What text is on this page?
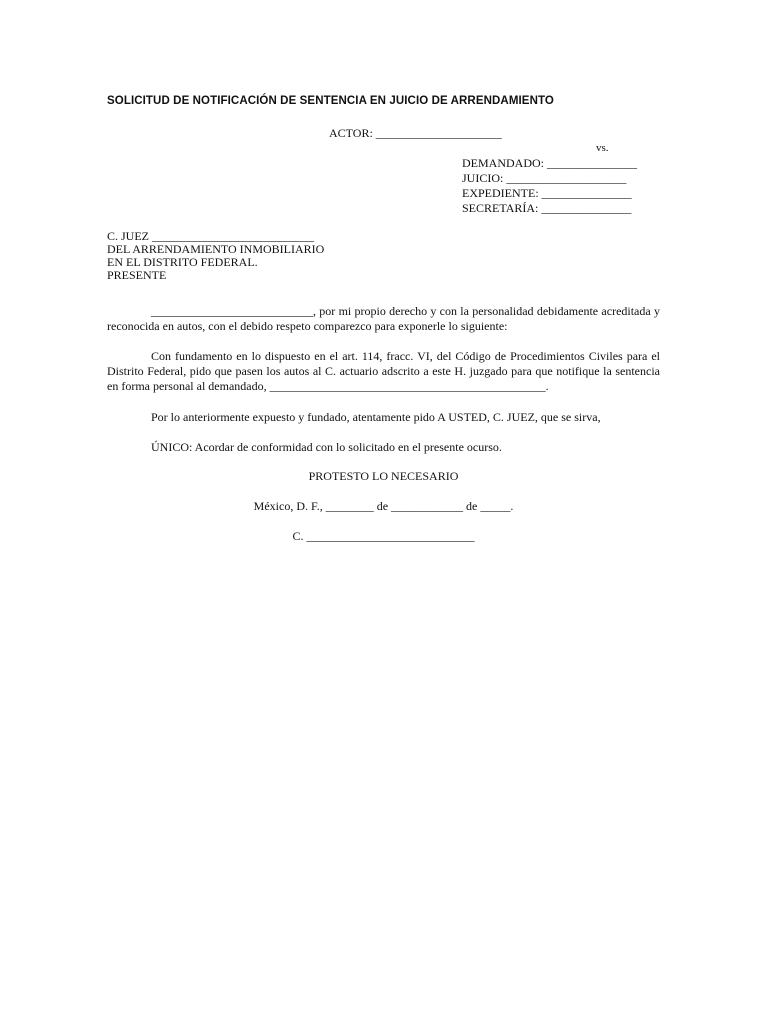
SOLICITUD DE NOTIFICACIÓN DE SENTENCIA EN JUICIO DE ARRENDAMIENTO
ACTOR: _____________________
vs.
DEMANDADO: _______________
JUICIO: ____________________
EXPEDIENTE: _______________
SECRETARÍA: _______________
C. JUEZ ___________________________
DEL ARRENDAMIENTO INMOBILIARIO
EN EL DISTRITO FEDERAL.
PRESENTE
___________________________, por mi propio derecho y con la personalidad debidamente acreditada y reconocida en autos, con el debido respeto comparezco para exponerle lo siguiente:
Con fundamento en lo dispuesto en el art. 114, fracc. VI, del Código de Procedimientos Civiles para el Distrito Federal, pido que pasen los autos al C. actuario adscrito a este H. juzgado para que notifique la sentencia en forma personal al demandado, ______________________________________________.
Por lo anteriormente expuesto y fundado, atentamente pido A USTED, C. JUEZ, que se sirva,
ÚNICO: Acordar de conformidad con lo solicitado en el presente ocurso.
PROTESTO LO NECESARIO
México, D. F., ________ de ____________ de _____.
C. ____________________________
